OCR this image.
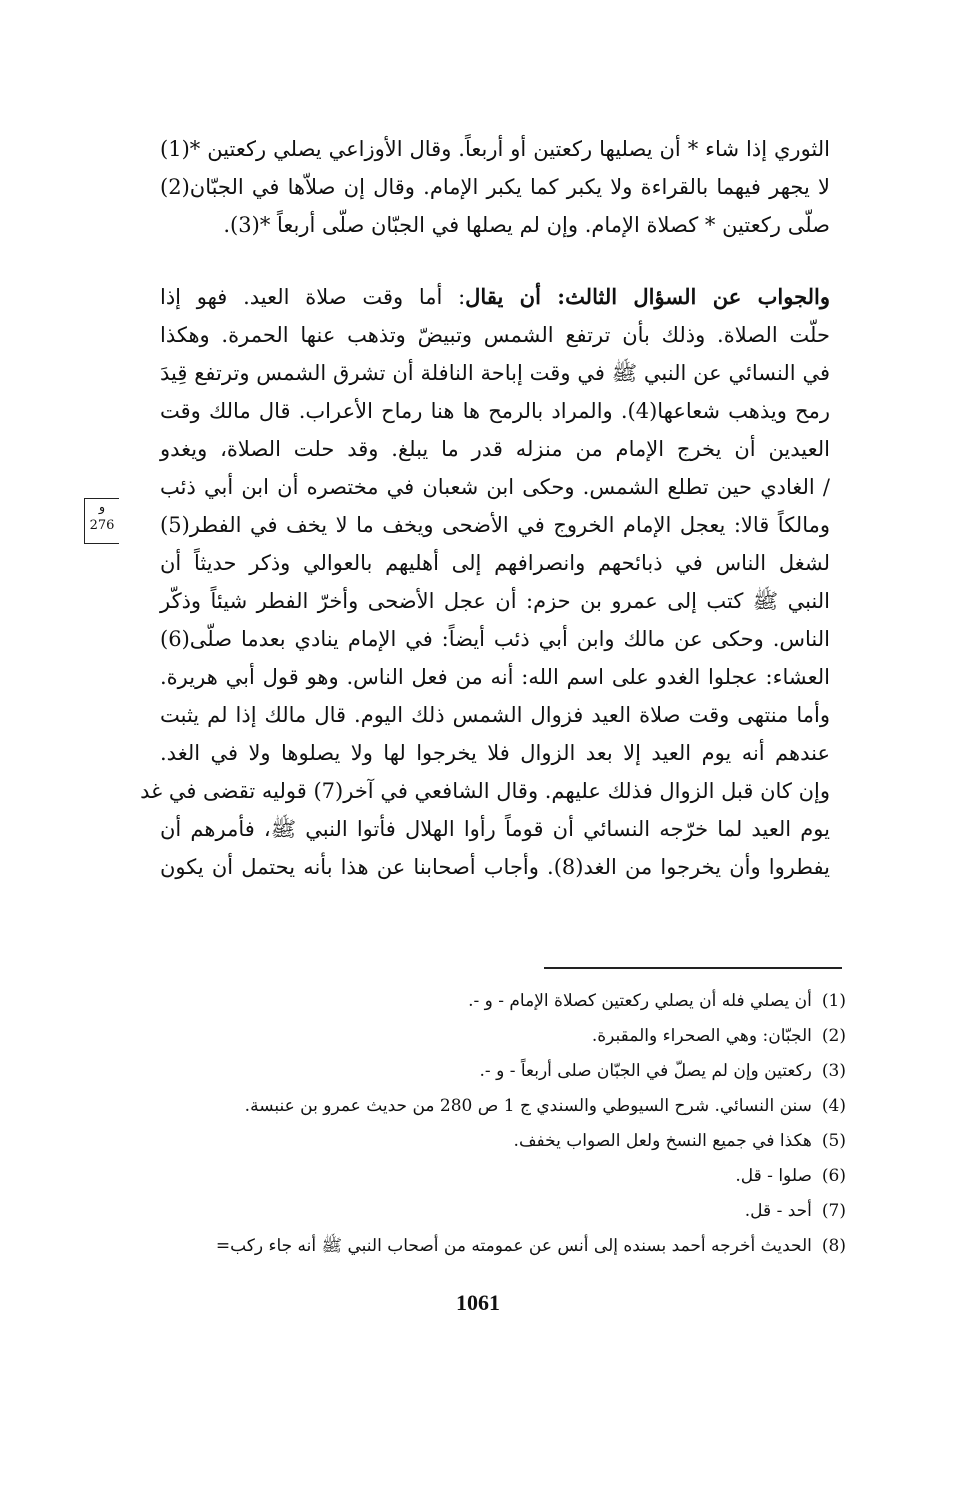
الثوري إذا شاء * أن يصليها ركعتين أو أربعاً. وقال الأوزاعي يصلي ركعتين *(1)
لا يجهر فيهما بالقراءة ولا يكبر كما يكبر الإمام. وقال إن صلاّها في الجبّان(2)
صلّى ركعتين * كصلاة الإمام. وإن لم يصلها في الجبّان صلّى أربعاً *(3).
والجواب عن السؤال الثالث: أن يقال: أما وقت صلاة العيد. فهو إذا
حلّت الصلاة. وذلك بأن ترتفع الشمس وتبيضّ وتذهب عنها الحمرة. وهكذا
في النسائي عن النبي ﷺ في وقت إباحة النافلة أن تشرق الشمس وترتفع قِيدَ
رمح ويذهب شعاعها(4). والمراد بالرمح ها هنا رماح الأعراب. قال مالك وقت
العيدين أن يخرج الإمام من منزله قدر ما يبلغ. وقد حلت الصلاة، ويغدو
/ الغادي حين تطلع الشمس. وحكى ابن شعبان في مختصره أن ابن أبي ذئب
ومالكاً قالا: يعجل الإمام الخروج في الأضحى ويخف ما لا يخف في الفطر(5)
لشغل الناس في ذبائحهم وانصرافهم إلى أهليهم بالعوالي وذكر حديثاً أن
النبي ﷺ كتب إلى عمرو بن حزم: أن عجل الأضحى وأخرّ الفطر شيئاً وذكّر
الناس. وحكى عن مالك وابن أبي ذئب أيضاً: في الإمام ينادي بعدما صلّى(6)
العشاء: عجلوا الغدو على اسم الله: أنه من فعل الناس. وهو قول أبي هريرة.
وأما منتهى وقت صلاة العيد فزوال الشمس ذلك اليوم. قال مالك إذا لم يثبت
عندهم أنه يوم العيد إلا بعد الزوال فلا يخرجوا لها ولا يصلوها ولا في الغد.
وإن كان قبل الزوال فذلك عليهم. وقال الشافعي في آخر(7) قوليه تقضى في غد
يوم العيد لما خرّجه النسائي أن قوماً رأوا الهلال فأتوا النبي ﷺ، فأمرهم أن
يفطروا وأن يخرجوا من الغد(8). وأجاب أصحابنا عن هذا بأنه يحتمل أن يكون
و
276
(1)أن يصلي فله أن يصلي ركعتين كصلاة الإمام - و -.
(2)الجبّان: وهي الصحراء والمقبرة.
(3)ركعتين وإن لم يصلّ في الجبّان صلى أربعاً - و -.
(4)سنن النسائي. شرح السيوطي والسندي ج 1 ص 280 من حديث عمرو بن عنبسة.
(5)هكذا في جميع النسخ ولعل الصواب يخفف.
(6)صلوا - قل.
(7)أحد - قل.
(8)الحديث أخرجه أحمد بسنده إلى أنس عن عمومته من أصحاب النبي ﷺ أنه جاء ركب=
1061
